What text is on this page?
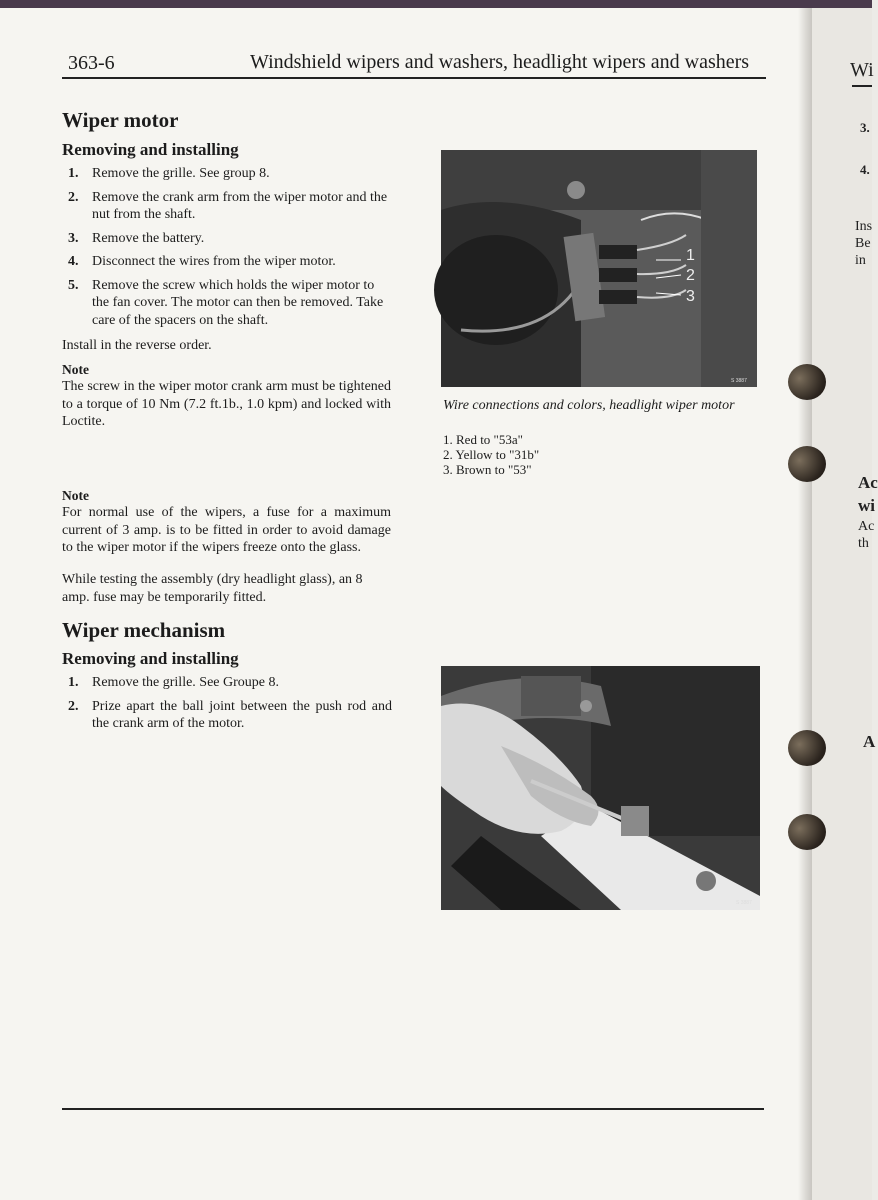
Wi
3.
4.
Ins
Be
in
Ac
wi
Ac
th
A
363-6	Windshield wipers and washers, headlight wipers and washers
Wiper motor
Removing and installing
1. Remove the grille. See group 8.
2. Remove the crank arm from the wiper motor and the nut from the shaft.
3. Remove the battery.
4. Disconnect the wires from the wiper motor.
5. Remove the screw which holds the wiper motor to the fan cover. The motor can then be removed. Take care of the spacers on the shaft.
Install in the reverse order.
Note
The screw in the wiper motor crank arm must be tightened to a torque of 10 Nm (7.2 ft.1b., 1.0 kpm) and locked with Loctite.
Note
For normal use of the wipers, a fuse for a maximum current of 3 amp. is to be fitted in order to avoid damage to the wiper motor if the wipers freeze onto the glass.
While testing the assembly (dry headlight glass), an 8 amp. fuse may be temporarily fitted.
1
2
3
S 3887
Wire connections and colors, headlight wiper motor
1. Red to "53a"
2. Yellow to "31b"
3. Brown to "53"
Wiper mechanism
Removing and installing
1. Remove the grille. See Groupe 8.
2. Prize apart the ball joint between the push rod and the crank arm of the motor.
S 3887
